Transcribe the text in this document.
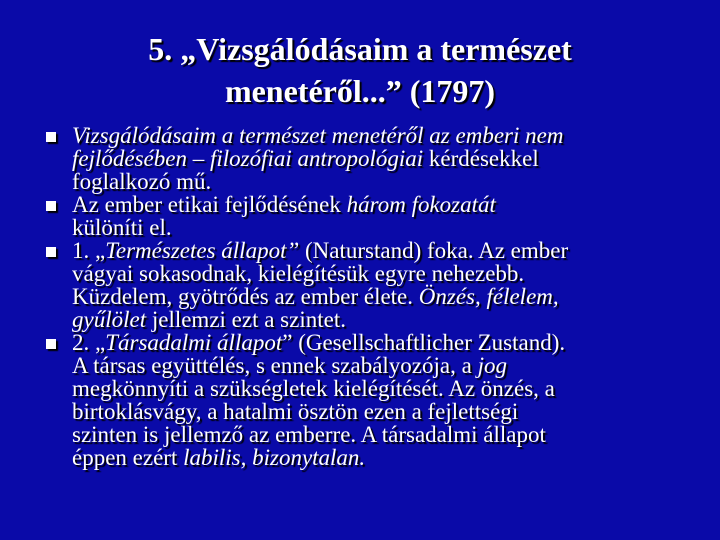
5. „Vizsgálódásaim a természet
menetéről...” (1797)
Vizsgálódásaim a természet menetéről az emberi nem
fejlődésében – filozófiai antropológiai kérdésekkel
foglalkozó mű.
Az ember etikai fejlődésének három fokozatát
különíti el.
1. „Természetes állapot” (Naturstand) foka. Az ember
vágyai sokasodnak, kielégítésük egyre nehezebb.
Küzdelem, gyötrődés az ember élete. Önzés, félelem,
gyűlölet jellemzi ezt a szintet.
2. „Társadalmi állapot” (Gesellschaftlicher Zustand).
A társas együttélés, s ennek szabályozója, a jog
megkönnyíti a szükségletek kielégítését. Az önzés, a
birtoklásvágy, a hatalmi ösztön ezen a fejlettségi
szinten is jellemző az emberre. A társadalmi állapot
éppen ezért labilis, bizonytalan.
